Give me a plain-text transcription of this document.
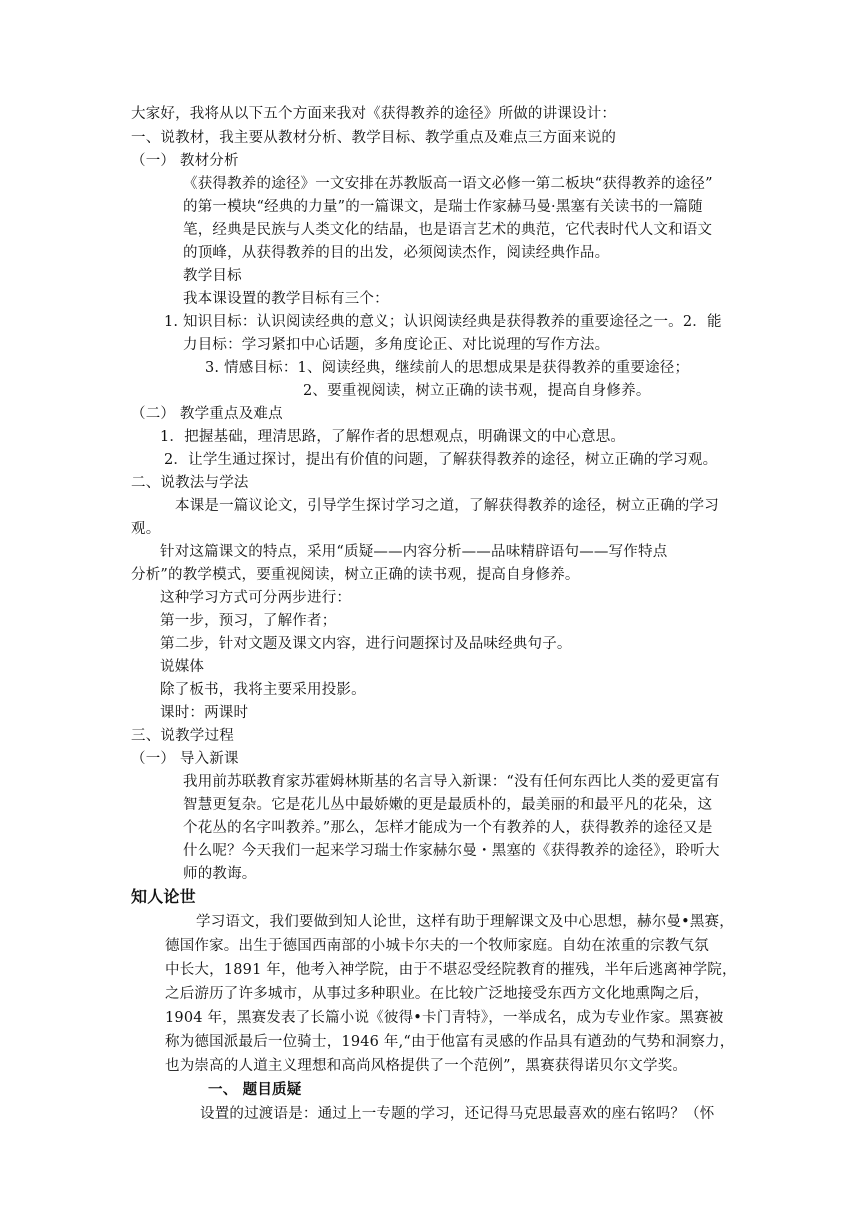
大家好，我将从以下五个方面来我对《获得教养的途径》所做的讲课设计：
一、说教材，我主要从教材分析、教学目标、教学重点及难点三方面来说的
（一） 教材分析
《获得教养的途径》一文安排在苏教版高一语文必修一第二板块“获得教养的途径”
的第一模块“经典的力量”的一篇课文，是瑞士作家赫马曼·黑塞有关读书的一篇随
笔，经典是民族与人类文化的结晶，也是语言艺术的典范，它代表时代人文和语文
的顶峰，从获得教养的目的出发，必须阅读杰作，阅读经典作品。
教学目标
我本课设置的教学目标有三个：
1. 知识目标：认识阅读经典的意义；认识阅读经典是获得教养的重要途径之一。2．能
力目标：学习紧扣中心话题，多角度论正、对比说理的写作方法。
3. 情感目标：1、阅读经典，继续前人的思想成果是获得教养的重要途径；
2、要重视阅读，树立正确的读书观，提高自身修养。
（二） 教学重点及难点
1．把握基础，理清思路，了解作者的思想观点，明确课文的中心意思。
2．让学生通过探讨，提出有价值的问题，了解获得教养的途径，树立正确的学习观。
二、说教法与学法
本课是一篇议论文，引导学生探讨学习之道，了解获得教养的途径，树立正确的学习
观。
针对这篇课文的特点，采用“质疑——内容分析——品味精辟语句——写作特点
分析”的教学模式，要重视阅读，树立正确的读书观，提高自身修养。
这种学习方式可分两步进行：
第一步，预习，了解作者；
第二步，针对文题及课文内容，进行问题探讨及品味经典句子。
说媒体
除了板书，我将主要采用投影。
课时：两课时
三、说教学过程
（一） 导入新课
我用前苏联教育家苏霍姆林斯基的名言导入新课：“没有任何东西比人类的爱更富有
智慧更复杂。它是花儿丛中最娇嫩的更是最质朴的，最美丽的和最平凡的花朵，这
个花丛的名字叫教养。”那么，怎样才能成为一个有教养的人，获得教养的途径又是
什么呢？今天我们一起来学习瑞士作家赫尔曼・黑塞的《获得教养的途径》，聆听大
师的教诲。
知人论世
学习语文，我们要做到知人论世，这样有助于理解课文及中心思想，赫尔曼•黑赛，
德国作家。出生于德国西南部的小城卡尔夫的一个牧师家庭。自幼在浓重的宗教气氛
中长大，1891 年，他考入神学院，由于不堪忍受经院教育的摧残，半年后逃离神学院，
之后游历了许多城市，从事过多种职业。在比较广泛地接受东西方文化地熏陶之后，
1904 年，黑赛发表了长篇小说《彼得•卡门青特》，一举成名，成为专业作家。黑赛被
称为德国派最后一位骑士，1946 年,“由于他富有灵感的作品具有遒劲的气势和洞察力，
也为崇高的人道主义理想和高尚风格提供了一个范例”，黑赛获得诺贝尔文学奖。
一、 题目质疑
设置的过渡语是：通过上一专题的学习，还记得马克思最喜欢的座右铭吗？（怀
